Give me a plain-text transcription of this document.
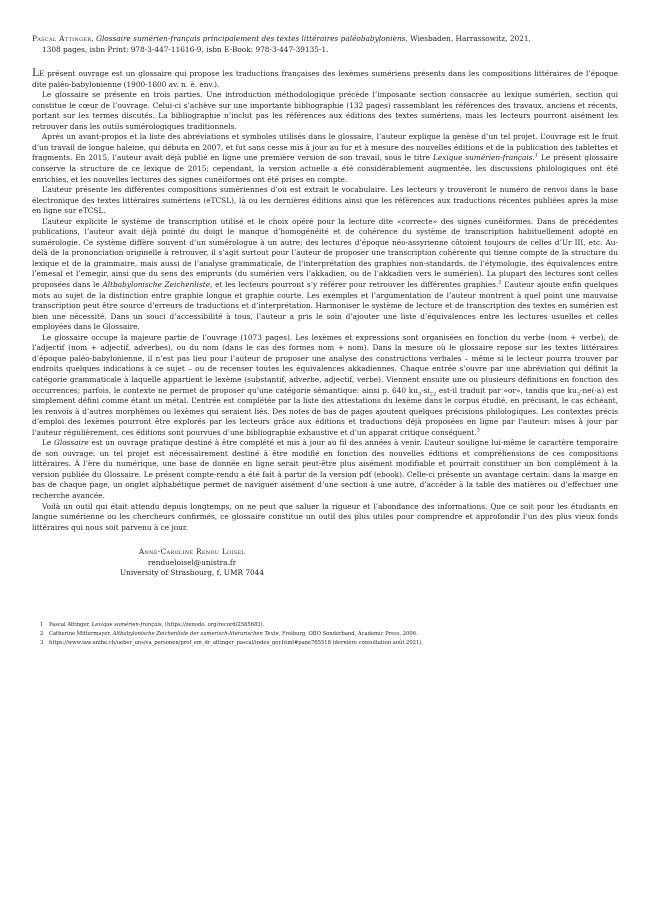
Pascal Attinger, Glossaire sumérien-français principalement des textes littéraires paléobabyloniens, Wiesbaden, Harrassowitz, 2021,
1308 pages, isbn Print: 978-3-447-11616-9, isbn E-Book: 978-3-447-39135-1.

Le présent ouvrage est un glossaire qui propose les traductions françaises des lexèmes sumériens présents dans les compositions littéraires de l’époque dite paléo-babylonienne (1900-1600 av. n. è. env.).

Le glossaire se présente en trois parties. Une introduction méthodologique précède l’imposante section consacrée au lexique sumérien, section qui constitue le cœur de l’ouvrage. Celui-ci s’achève sur une importante bibliographie (132 pages) rassemblant les références des travaux, anciens et récents, portant sur les termes discutés. La bibliographie n’inclut pas les références aux éditions des textes sumériens, mais les lecteurs pourront aisément les retrouver dans les outils sumérologiques traditionnels.

Après un avant-propos et la liste des abréviations et symboles utilisés dans le glossaire, l’auteur explique la genèse d’un tel projet. L’ouvrage est le fruit d’un travail de longue haleine, qui débuta en 2007, et fut sans cesse mis à jour au fur et à mesure des nouvelles éditions et de la publication des tablettes et fragments. En 2015, l’auteur avait déjà publié en ligne une première version de son travail, sous le titre Lexique sumérien-français.$^1$ Le présent glossaire conserve la structure de ce lexique de 2015; cependant, la version actuelle a été considérablement augmentée, les discussions philologiques ont été enrichies, et les nouvelles lectures des signes cunéiformes ont été prises en compte.

L’auteur présente les différentes compositions sumériennes d’où est extrait le vocabulaire. Les lecteurs y trouveront le numéro de renvoi dans la base électronique des textes littéraires sumériens (eTCSL), là ou les dernières éditions ainsi que les références aux traductions récentes publiées après la mise en ligne sur eTCSL.

L’auteur explicite le système de transcription utilisé et le choix opéré pour la lecture dite «correcte» des signes cunéiformes. Dans de précédentes publications, l’auteur avait déjà pointé du doigt le manque d’homogénéité et de cohérence du système de transcription habituellement adopté en sumérologie. Ce système diffère souvent d’un sumérologue à un autre; des lectures d’époque néo-assyrienne côtoient toujours de celles d’Ur III, etc. Au-delà de la prononciation originelle à retrouver, il s’agit surtout pour l’auteur de proposer une transcription cohérente qui tienne compte de la structure du lexique et de la grammaire, mais aussi de l’analyse grammaticale, de l’interprétation des graphies non-standards, de l’étymologie, des équivalences entre l’emesal et l’emegir, ainsi que du sens des emprunts (du sumérien vers l’akkadien, ou de l’akkadien vers le sumérien). La plupart des lectures sont celles proposées dans le Altbabylonische Zeichenliste, et les lecteurs pourront s’y référer pour retrouver les différentes graphies.$^2$ L’auteur ajoute enfin quelques mots au sujet de la distinction entre graphie longue et graphie courte. Les exemples et l’argumentation de l’auteur montrent à quel point une mauvaise transcription peut être source d’erreurs de traductions et d’interprétation. Harmoniser le système de lecture et de transcription des textes en sumérien est bien une nécessité. Dans un souci d’accessibilité à tous, l’auteur a pris le soin d’ajouter une liste d’équivalences entre les lectures usuelles et celles employées dans le Glossaire.

Le glossaire occupe la majeure partie de l’ouvrage (1073 pages). Les lexèmes et expressions sont organisées en fonction du verbe (nom + verbe), de l’adjectif (nom + adjectif, adverbes), ou du nom (dans le cas des formes nom + nom). Dans la mesure où le glossaire repose sur les textes littéraires d’époque paléo-babylonienne, il n’est pas lieu pour l’auteur de proposer une analyse des constructions verbales – même si le lecteur pourra trouver par endroits quelques indications à ce sujet – ou de recenser toutes les équivalences akkadiennes. Chaque entrée s’ouvre par une abréviation qui définit la catégorie grammaticale à laquelle appartient le lexème (substantif, adverbe, adjectif, verbe). Viennent ensuite une ou plusieurs définitions en fonction des occurrences; parfois, le contexte ne permet de proposer qu’une catégorie sémantique: ainsi p. 640 $ku_3-si_{22}$ est-il traduit par «or», tandis que $ku_3-ne(-a)$ est simplement défini comme étant un métal. L’entrée est complétée par la liste des attestations du lexème dans le corpus étudié, en précisant, le cas échéant, les renvois à d’autres morphèmes ou lexèmes qui seraient liés. Des notes de bas de pages ajoutent quelques précisions philologiques. Les contextes précis d’emploi des lexèmes pourront être explorés par les lecteurs grâce aux éditions et traductions déjà proposées en ligne par l’auteur: mises à jour par l’auteur régulièrement, ces éditions sont pourvues d’une bibliographie exhaustive et d’un apparat critique conséquent.$^3$

Le Glossaire est un ouvrage pratique destiné à être complété et mis à jour au fil des années à venir. L’auteur souligne lui-même le caractère temporaire de son ouvrage: un tel projet est nécessairement destiné à être modifié en fonction des nouvelles éditions et compréhensions de ces compositions littéraires. À l’ère du numérique, une base de donnée en ligne serait peut-être plus aisément modifiable et pourrait constituer un bon complément à la version publiée du Glossaire. Le présent compte-rendu a été fait à partir de la version pdf (ebook). Celle-ci présente un avantage certain: dans la marge en bas de chaque page, un onglet alphabétique permet de naviguer aisément d’une section à une autre, d’accéder à la table des matières ou d’effectuer une recherche avancée.

Voilà un outil qui était attendu depuis longtemps, on ne peut que saluer la rigueur et l’abondance des informations. Que ce soit pour les étudiants en langue sumérienne ou les chercheurs confirmés, ce glossaire constitue un outil des plus utiles pour comprendre et approfondir l’un des plus vieux fonds littéraires qui nous soit parvenu à ce jour.

Anne-Caroline Rendu Loisel
rendueloisel@unistra.fr
University of Strasbourg, f, UMR 7044
1 Pascal Attinger, Lexique sumérien-français, (https://zenodo. org/record/2585683).
2 Catherine Mittermayer, Altbabylonische Zeichenliste der sumerisch-literarischen Texte, Freiburg, OBO Sonderband, Academic Press, 2006.
3 https://www.iaw.unibe.ch/ueber_uns/va_personen/prof_em_dr_attinger_pascal/index_ger.html#pane765518 (dernière consultation août 2021).
